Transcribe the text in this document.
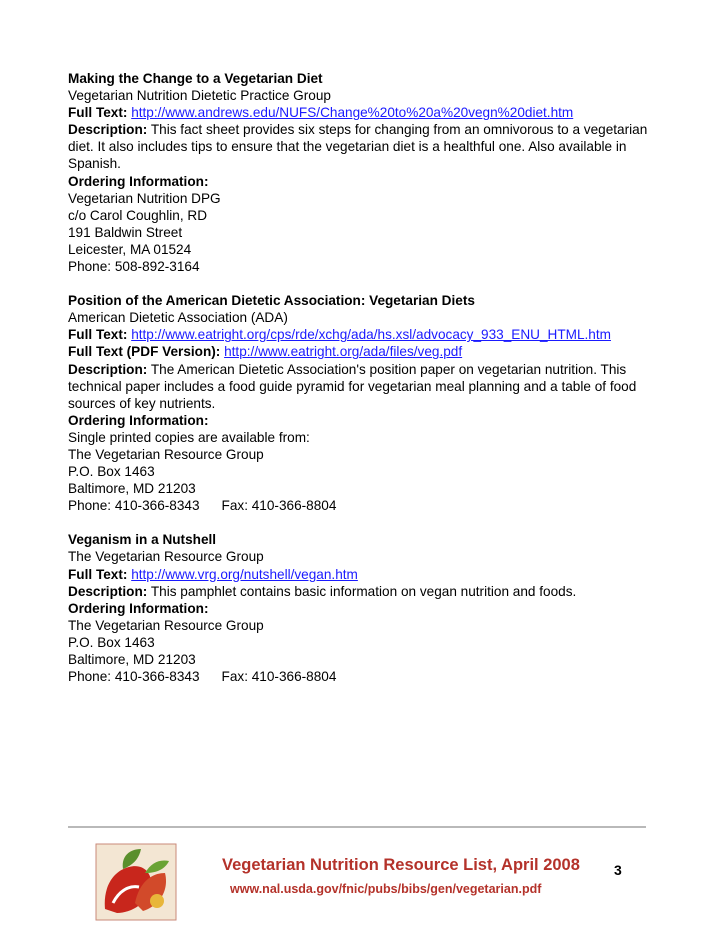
Making the Change to a Vegetarian Diet
Vegetarian Nutrition Dietetic Practice Group
Full Text: http://www.andrews.edu/NUFS/Change%20to%20a%20vegn%20diet.htm
Description: This fact sheet provides six steps for changing from an omnivorous to a vegetarian diet. It also includes tips to ensure that the vegetarian diet is a healthful one. Also available in Spanish.
Ordering Information:
Vegetarian Nutrition DPG
c/o Carol Coughlin, RD
191 Baldwin Street
Leicester, MA 01524
Phone: 508-892-3164
Position of the American Dietetic Association: Vegetarian Diets
American Dietetic Association (ADA)
Full Text: http://www.eatright.org/cps/rde/xchg/ada/hs.xsl/advocacy_933_ENU_HTML.htm
Full Text (PDF Version): http://www.eatright.org/ada/files/veg.pdf
Description: The American Dietetic Association's position paper on vegetarian nutrition. This technical paper includes a food guide pyramid for vegetarian meal planning and a table of food sources of key nutrients.
Ordering Information:
Single printed copies are available from:
The Vegetarian Resource Group
P.O. Box 1463
Baltimore, MD 21203
Phone: 410-366-8343 Fax: 410-366-8804
Veganism in a Nutshell
The Vegetarian Resource Group
Full Text: http://www.vrg.org/nutshell/vegan.htm
Description: This pamphlet contains basic information on vegan nutrition and foods.
Ordering Information:
The Vegetarian Resource Group
P.O. Box 1463
Baltimore, MD 21203
Phone: 410-366-8343 Fax: 410-366-8804
Vegetarian Nutrition Resource List, April 2008
www.nal.usda.gov/fnic/pubs/bibs/gen/vegetarian.pdf
3
